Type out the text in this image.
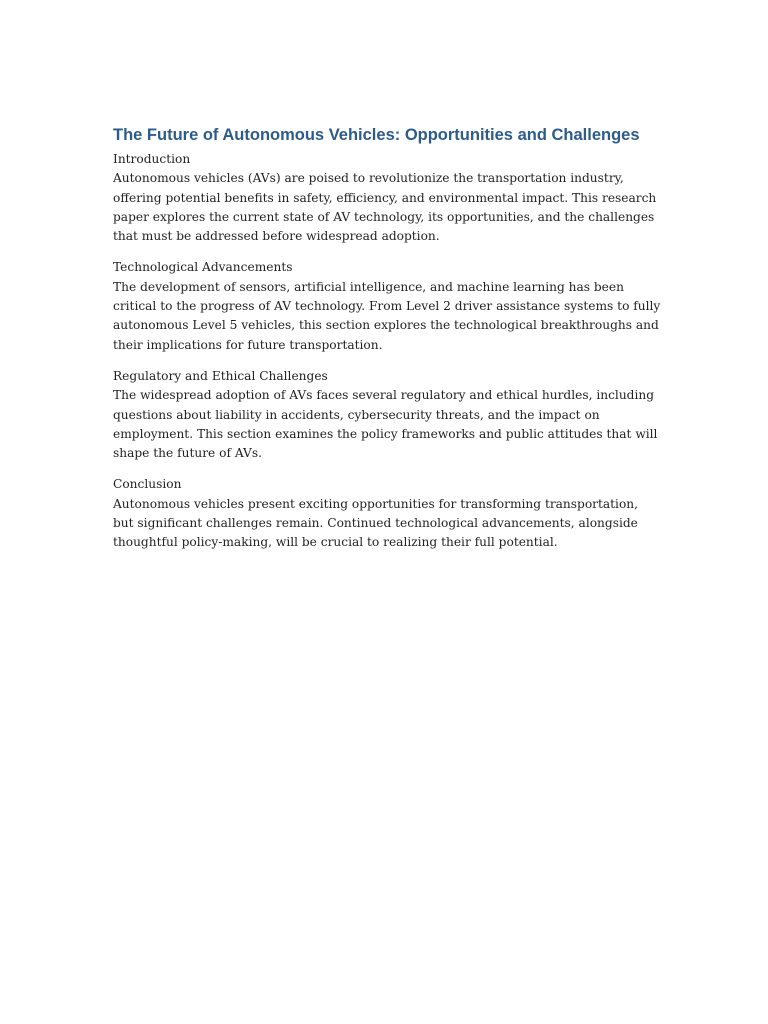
The Future of Autonomous Vehicles: Opportunities and Challenges

Introduction

Autonomous vehicles (AVs) are poised to revolutionize the transportation industry, offering potential benefits in safety, efficiency, and environmental impact. This research paper explores the current state of AV technology, its opportunities, and the challenges that must be addressed before widespread adoption.

Technological Advancements

The development of sensors, artificial intelligence, and machine learning has been critical to the progress of AV technology. From Level 2 driver assistance systems to fully autonomous Level 5 vehicles, this section explores the technological breakthroughs and their implications for future transportation.

Regulatory and Ethical Challenges

The widespread adoption of AVs faces several regulatory and ethical hurdles, including questions about liability in accidents, cybersecurity threats, and the impact on employment. This section examines the policy frameworks and public attitudes that will shape the future of AVs.

Conclusion

Autonomous vehicles present exciting opportunities for transforming transportation, but significant challenges remain. Continued technological advancements, alongside thoughtful policy-making, will be crucial to realizing their full potential.
